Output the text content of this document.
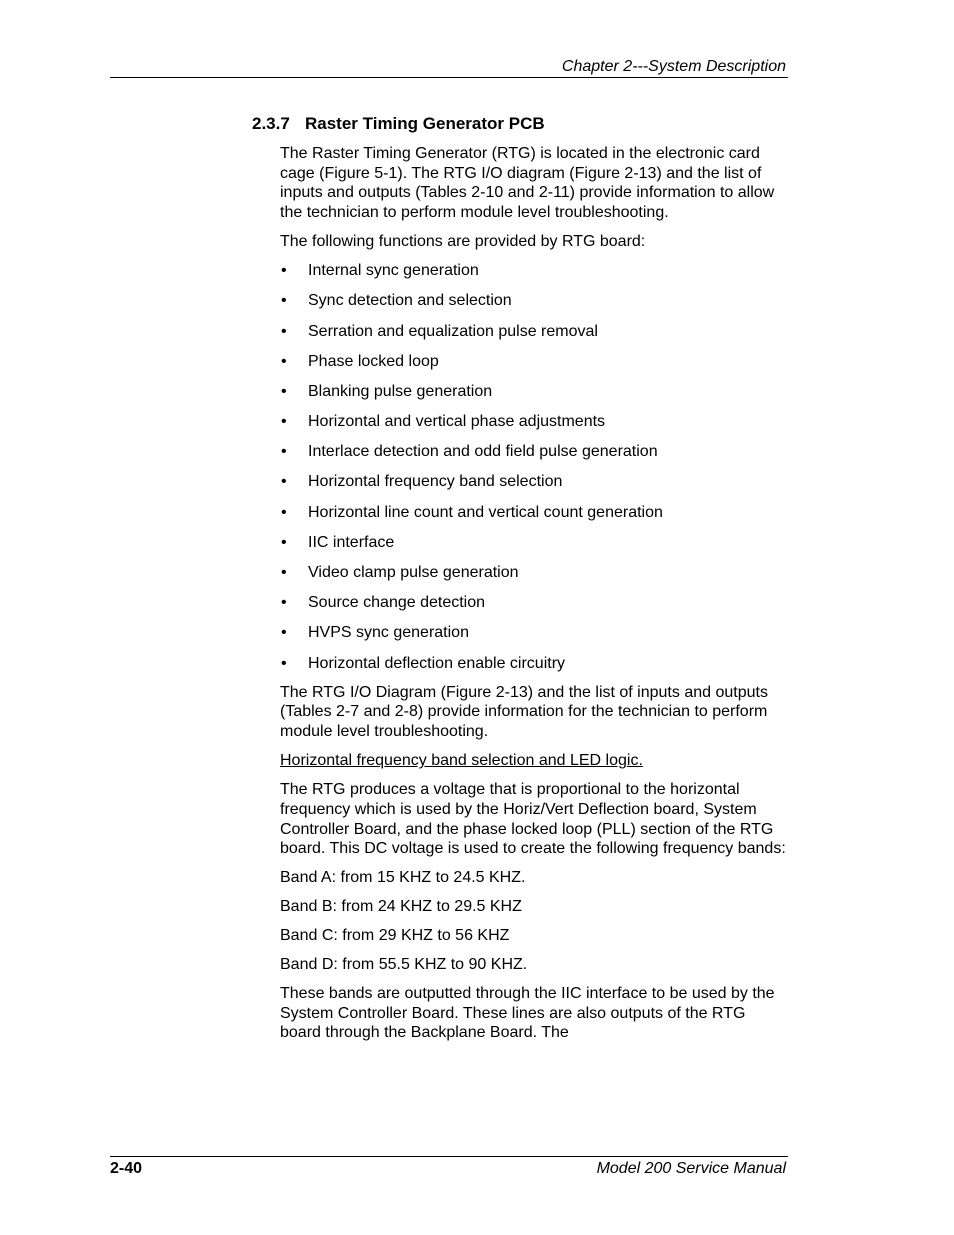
Chapter 2---System Description
2.3.7 Raster Timing Generator PCB

The Raster Timing Generator (RTG) is located in the electronic card cage (Figure 5-1). The RTG I/O diagram (Figure 2-13) and the list of inputs and outputs (Tables 2-10 and 2-11) provide information to allow the technician to perform module level troubleshooting.

The following functions are provided by RTG board:

• Internal sync generation
• Sync detection and selection
• Serration and equalization pulse removal
• Phase locked loop
• Blanking pulse generation
• Horizontal and vertical phase adjustments
• Interlace detection and odd field pulse generation
• Horizontal frequency band selection
• Horizontal line count and vertical count generation
• IIC interface
• Video clamp pulse generation
• Source change detection
• HVPS sync generation
• Horizontal deflection enable circuitry

The RTG I/O Diagram (Figure 2-13) and the list of inputs and outputs (Tables 2-7 and 2-8) provide information for the technician to perform module level troubleshooting.

Horizontal frequency band selection and LED logic.

The RTG produces a voltage that is proportional to the horizontal frequency which is used by the Horiz/Vert Deflection board, System Controller Board, and the phase locked loop (PLL) section of the RTG board. This DC voltage is used to create the following frequency bands:

Band A: from 15 KHZ to 24.5 KHZ.

Band B: from 24 KHZ to 29.5 KHZ

Band C: from 29 KHZ to 56 KHZ

Band D: from 55.5 KHZ to 90 KHZ.

These bands are outputted through the IIC interface to be used by the System Controller Board. These lines are also outputs of the RTG board through the Backplane Board. The

2-40	Model 200 Service Manual
